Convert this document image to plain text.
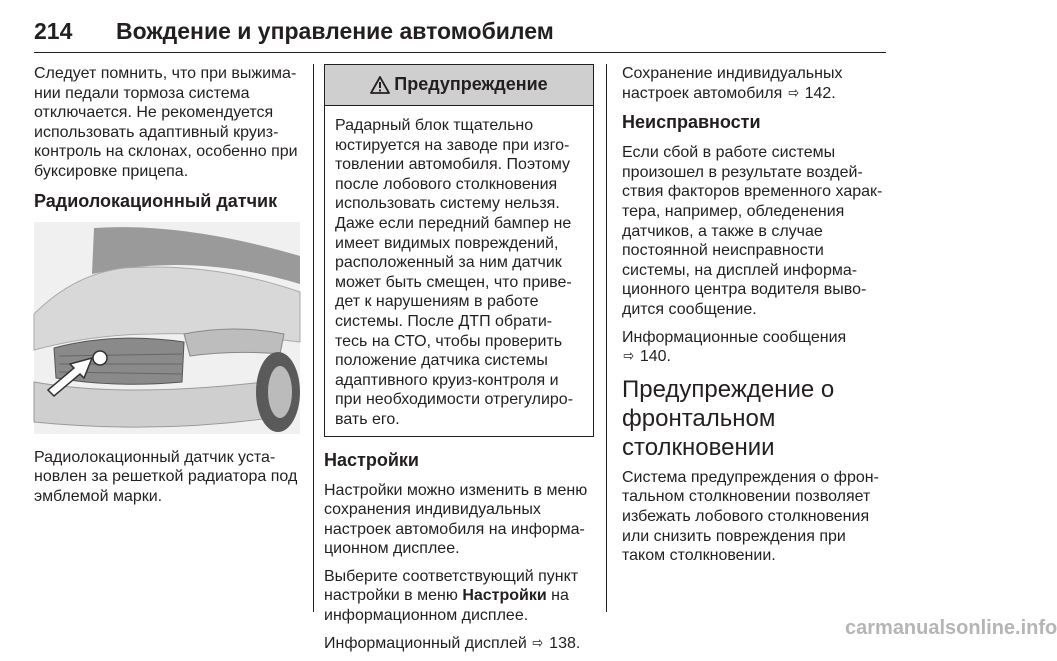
214 Вождение и управление автомобилем

Следует помнить, что при выжима-
нии педали тормоза система
отключается. Не рекомендуется
использовать адаптивный круиз-
контроль на склонах, особенно при
буксировке прицепа.

Радиолокационный датчик

Радиолокационный датчик уста-
новлен за решеткой радиатора под
эмблемой марки.

Предупреждение
Радарный блок тщательно
юстируется на заводе при изго-
товлении автомобиля. Поэтому
после лобового столкновения
использовать систему нельзя.
Даже если передний бампер не
имеет видимых повреждений,
расположенный за ним датчик
может быть смещен, что приве-
дет к нарушениям в работе
системы. После ДТП обрати-
тесь на СТО, чтобы проверить
положение датчика системы
адаптивного круиз-контроля и
при необходимости отрегулиро-
вать его.
Настройки

Настройки можно изменить в меню
сохранения индивидуальных
настроек автомобиля на информа-
ционном дисплее.

Выберите соответствующий пункт
настройки в меню Настройки на
информационном дисплее.

Информационный дисплей ⇨ 138.

Сохранение индивидуальных
настроек автомобиля ⇨ 142.

Неисправности

Если сбой в работе системы
произошел в результате воздей-
ствия факторов временного харак-
тера, например, обледенения
датчиков, а также в случае
постоянной неисправности
системы, на дисплей информа-
ционного центра водителя выво-
дится сообщение.

Информационные сообщения
⇨ 140.

Предупреждение о
фронтальном
столкновении

Система предупреждения о фрон-
тальном столкновении позволяет
избежать лобового столкновения
или снизить повреждения при
таком столкновении.

carmanualsonline.info
